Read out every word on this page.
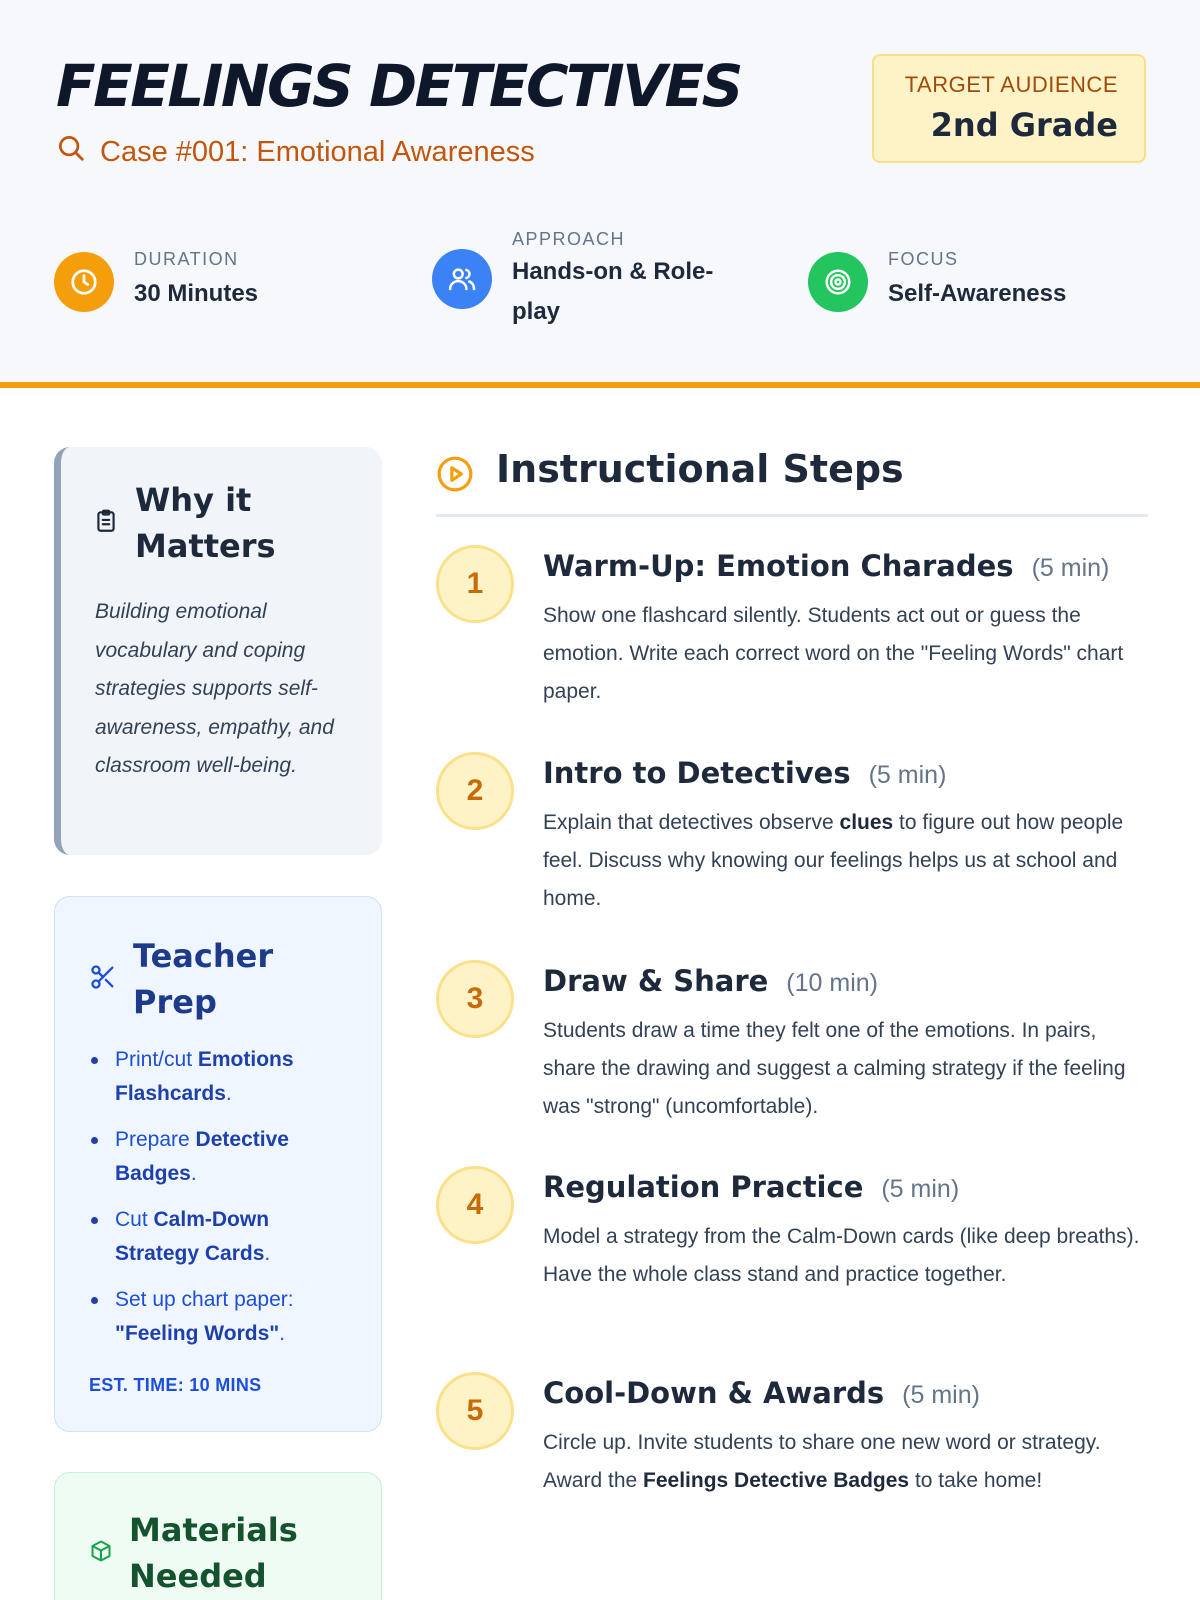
FEELINGS DETECTIVES
Case #001: Emotional Awareness
TARGET AUDIENCE
2nd Grade
DURATION
30 Minutes
APPROACH
Hands-on & Role-play
FOCUS
Self-Awareness
Why it Matters

Building emotional vocabulary and coping strategies supports self-awareness, empathy, and classroom well-being.

Teacher Prep
Print/cut Emotions Flashcards.
Prepare Detective Badges.
Cut Calm-Down Strategy Cards.
Set up chart paper: "Feeling Words".
EST. TIME: 10 MINS
Materials Needed
Instructional Steps
1
Warm-Up: Emotion Charades (5 min)

Show one flashcard silently. Students act out or guess the emotion. Write each correct word on the "Feeling Words" chart paper.

2
Intro to Detectives (5 min)

Explain that detectives observe clues to figure out how people feel. Discuss why knowing our feelings helps us at school and home.

3
Draw & Share (10 min)

Students draw a time they felt one of the emotions. In pairs, share the drawing and suggest a calming strategy if the feeling was "strong" (uncomfortable).

4
Regulation Practice (5 min)

Model a strategy from the Calm-Down cards (like deep breaths). Have the whole class stand and practice together.

5
Cool-Down & Awards (5 min)

Circle up. Invite students to share one new word or strategy. Award the Feelings Detective Badges to take home!
